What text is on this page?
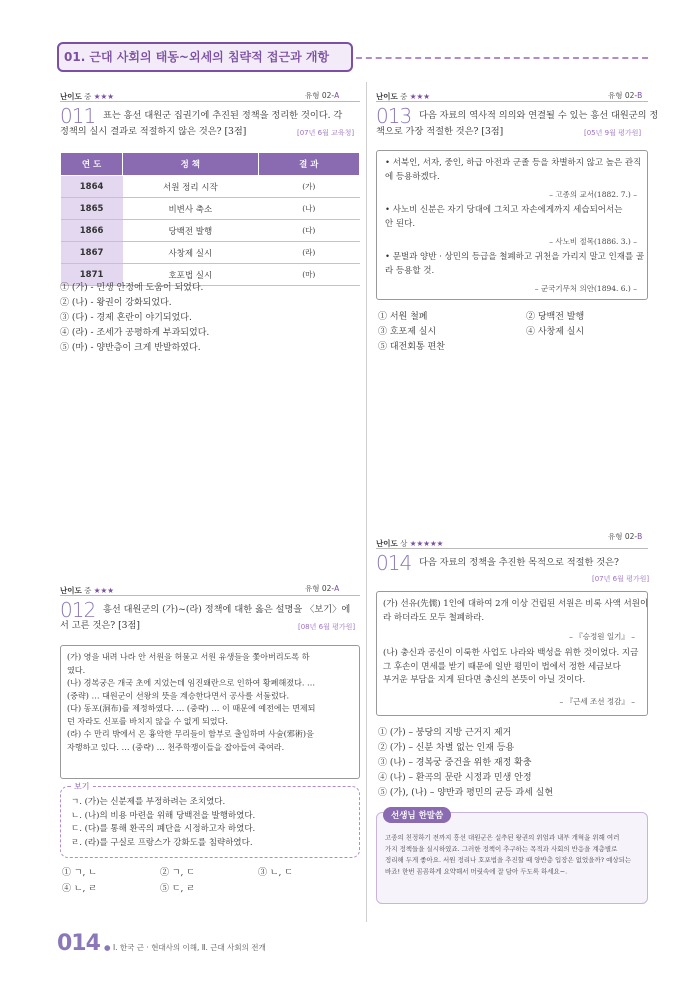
01. 근대 사회의 태동~외세의 침략적 접근과 개항
난이도 중 ★★★	유형 02-A
011 표는 흥선 대원군 집권기에 추진된 정책을 정리한 것이다. 각
정책의 실시 결과로 적절하지 않은 것은? [3점]	[07년 6월 교육청]
연 도	정 책	결 과
1864	서원 정리 시작	(가)
1865	비변사 축소	(나)
1866	당백전 발행	(다)
1867	사창제 실시	(라)
1871	호포법 실시	(마)
① (가) - 민생 안정에 도움이 되었다.
② (나) - 왕권이 강화되었다.
③ (다) - 경제 혼란이 야기되었다.
④ (라) - 조세가 공평하게 부과되었다.
⑤ (마) - 양반층이 크게 반발하였다.
난이도 중 ★★★	유형 02-B
013 다음 자료의 역사적 의의와 연결될 수 있는 흥선 대원군의 정
책으로 가장 적절한 것은? [3점]	[05년 9월 평가원]
• 서북인, 서자, 중인, 하급 아전과 군졸 등을 차별하지 않고 높은 관직
에 등용하겠다.
– 고종의 교서(1882. 7.) –
• 사노비 신분은 자기 당대에 그치고 자손에게까지 세습되어서는
안 된다.
– 사노비 절목(1886. 3.) –
• 문벌과 양반 · 상민의 등급을 철폐하고 귀천을 가리지 말고 인재를 골
라 등용할 것.
– 군국기무처 의안(1894. 6.) –
① 서원 철폐
③ 호포제 실시
⑤ 대전회통 편찬
② 당백전 발행
④ 사창제 실시
난이도 상 ★★★★★
유형 02-B
014 다음 자료의 정책을 추진한 목적으로 적절한 것은?
[07년 6월 평가원]
(가) 선유(先儒) 1인에 대하여 2개 이상 건립된 서원은 비록 사액 서원이
라 하더라도 모두 철폐하라.
– 『승정원 일기』 –
(나) 충신과 공신이 이룩한 사업도 나라와 백성을 위한 것이었다. 지금
그 후손이 면세를 받기 때문에 일반 평민이 법에서 정한 세금보다
부거운 부담을 지게 된다면 충신의 본뜻이 아닐 것이다.
– 『근세 조선 정감』 –
① (가) – 붕당의 지방 근거지 제거
② (가) – 신분 차별 없는 인재 등용
③ (나) – 경복궁 중건을 위한 재정 확충
④ (나) – 환곡의 문란 시정과 민생 안정
⑤ (가), (나) – 양반과 평민의 균등 과세 실현
선생님 한말씀
고종의 친정하기 전까지 흥선 대원군은 실추된 왕권의 위엄과 내부 개혁을 위해 여러
가지 정책들을 실시하였죠. 그러한 정책이 추구하는 목적과 사회의 반응을 계층별로
정리해 두게 좋아요. 서원 정리나 호포법을 추진할 때 양반층 입장은 없었을까? 예상되는
바죠! 한번 꼼꼼하게 요약해서 머릿속에 잘 담아 두도록 하세요~.
난이도 중 ★★★	유형 02-A
012 흥선 대원군의 (가)~(라) 정책에 대한 옳은 설명을 〈보기〉에
서 고른 것은? [3점]	[08년 6월 평가원]
(가) 영을 내려 나라 안 서원을 허물고 서원 유생들을 쫓아버리도록 하
였다.
(나) 경복궁은 개국 초에 지었는데 임진왜란으로 인하여 황폐해졌다. …
(중략) … 대원군이 선왕의 뜻을 계승한다면서 공사를 서둘렀다.
(다) 동포(洞布)를 제정하였다. … (중략) … 이 때문에 예전에는 면제되
던 자라도 신포를 바치지 않을 수 없게 되었다.
(라) 수 만리 밖에서 온 흉악한 무리들이 함부로 출입하며 사술(邪術)을
자행하고 있다. … (중략) … 천주학쟁이들을 잡아들여 죽여라.
보기
ㄱ. (가)는 신분제를 부정하려는 조치였다.
ㄴ. (나)의 비용 마련을 위해 당백전을 발행하였다.
ㄷ. (다)를 통해 환곡의 폐단을 시정하고자 하였다.
ㄹ. (라)를 구실로 프랑스가 강화도를 침략하였다.
① ㄱ, ㄴ	② ㄱ, ㄷ	③ ㄴ, ㄷ
④ ㄴ, ㄹ	⑤ ㄷ, ㄹ
014 ● Ⅰ. 한국 근 · 현대사의 이해, Ⅱ. 근대 사회의 전개
